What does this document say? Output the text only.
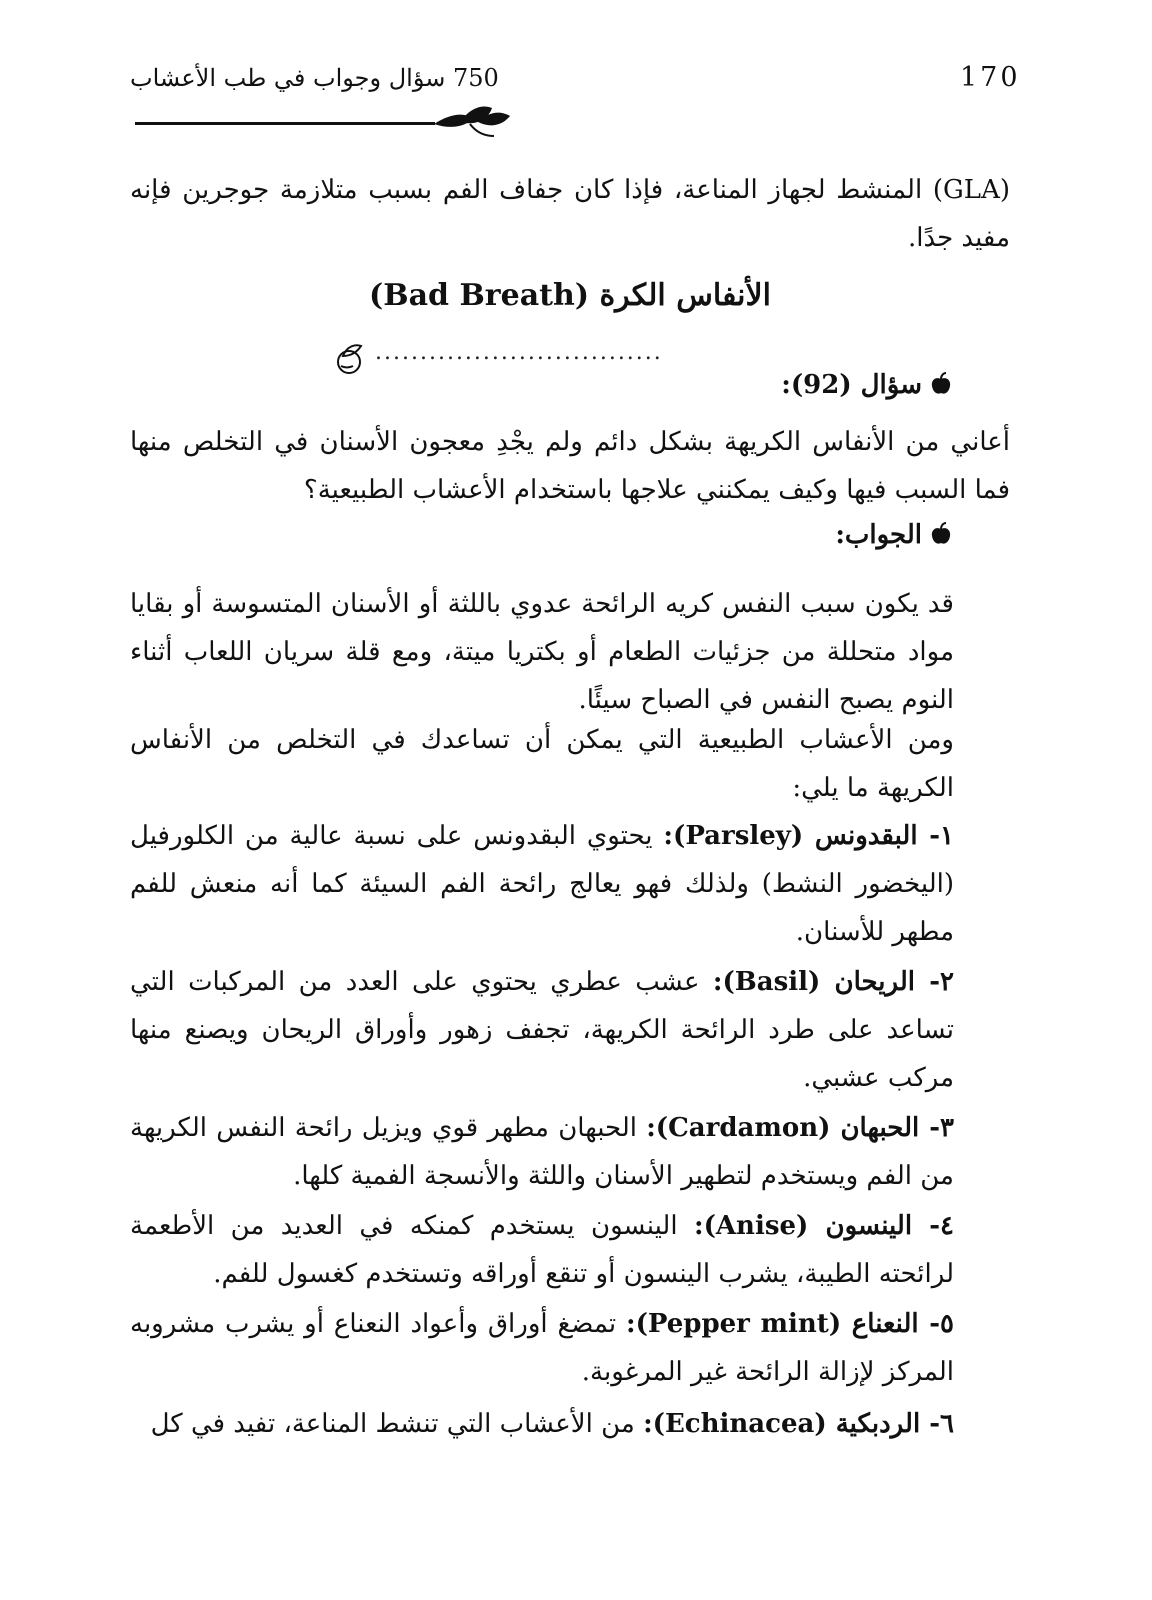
170
750 سؤال وجواب في طب الأعشاب

(GLA) المنشط لجهاز المناعة، فإذا كان جفاف الفم بسبب متلازمة جوجرين فإنه مفيد جدًا.

الأنفاس الكرة (Bad Breath)
................................
سؤال (92):

أعاني من الأنفاس الكريهة بشكل دائم ولم يجْدِ معجون الأسنان في التخلص منها فما السبب فيها وكيف يمكنني علاجها باستخدام الأعشاب الطبيعية؟

الجواب:

قد يكون سبب النفس كريه الرائحة عدوي باللثة أو الأسنان المتسوسة أو بقايا مواد متحللة من جزئيات الطعام أو بكتريا ميتة، ومع قلة سريان اللعاب أثناء النوم يصبح النفس في الصباح سيئًا.

ومن الأعشاب الطبيعية التي يمكن أن تساعدك في التخلص من الأنفاس الكريهة ما يلي:

١- البقدونس (Parsley): يحتوي البقدونس على نسبة عالية من الكلورفيل (اليخضور النشط) ولذلك فهو يعالج رائحة الفم السيئة كما أنه منعش للفم مطهر للأسنان.

٢- الريحان (Basil): عشب عطري يحتوي على العدد من المركبات التي تساعد على طرد الرائحة الكريهة، تجفف زهور وأوراق الريحان ويصنع منها مركب عشبي.

٣- الحبهان (Cardamon): الحبهان مطهر قوي ويزيل رائحة النفس الكريهة من الفم ويستخدم لتطهير الأسنان واللثة والأنسجة الفمية كلها.

٤- الينسون (Anise): الينسون يستخدم كمنكه في العديد من الأطعمة لرائحته الطيبة، يشرب الينسون أو تنقع أوراقه وتستخدم كغسول للفم.

٥- النعناع (Pepper mint): تمضغ أوراق وأعواد النعناع أو يشرب مشروبه المركز لإزالة الرائحة غير المرغوبة.

٦- الردبكية (Echinacea): من الأعشاب التي تنشط المناعة، تفيد في كل
